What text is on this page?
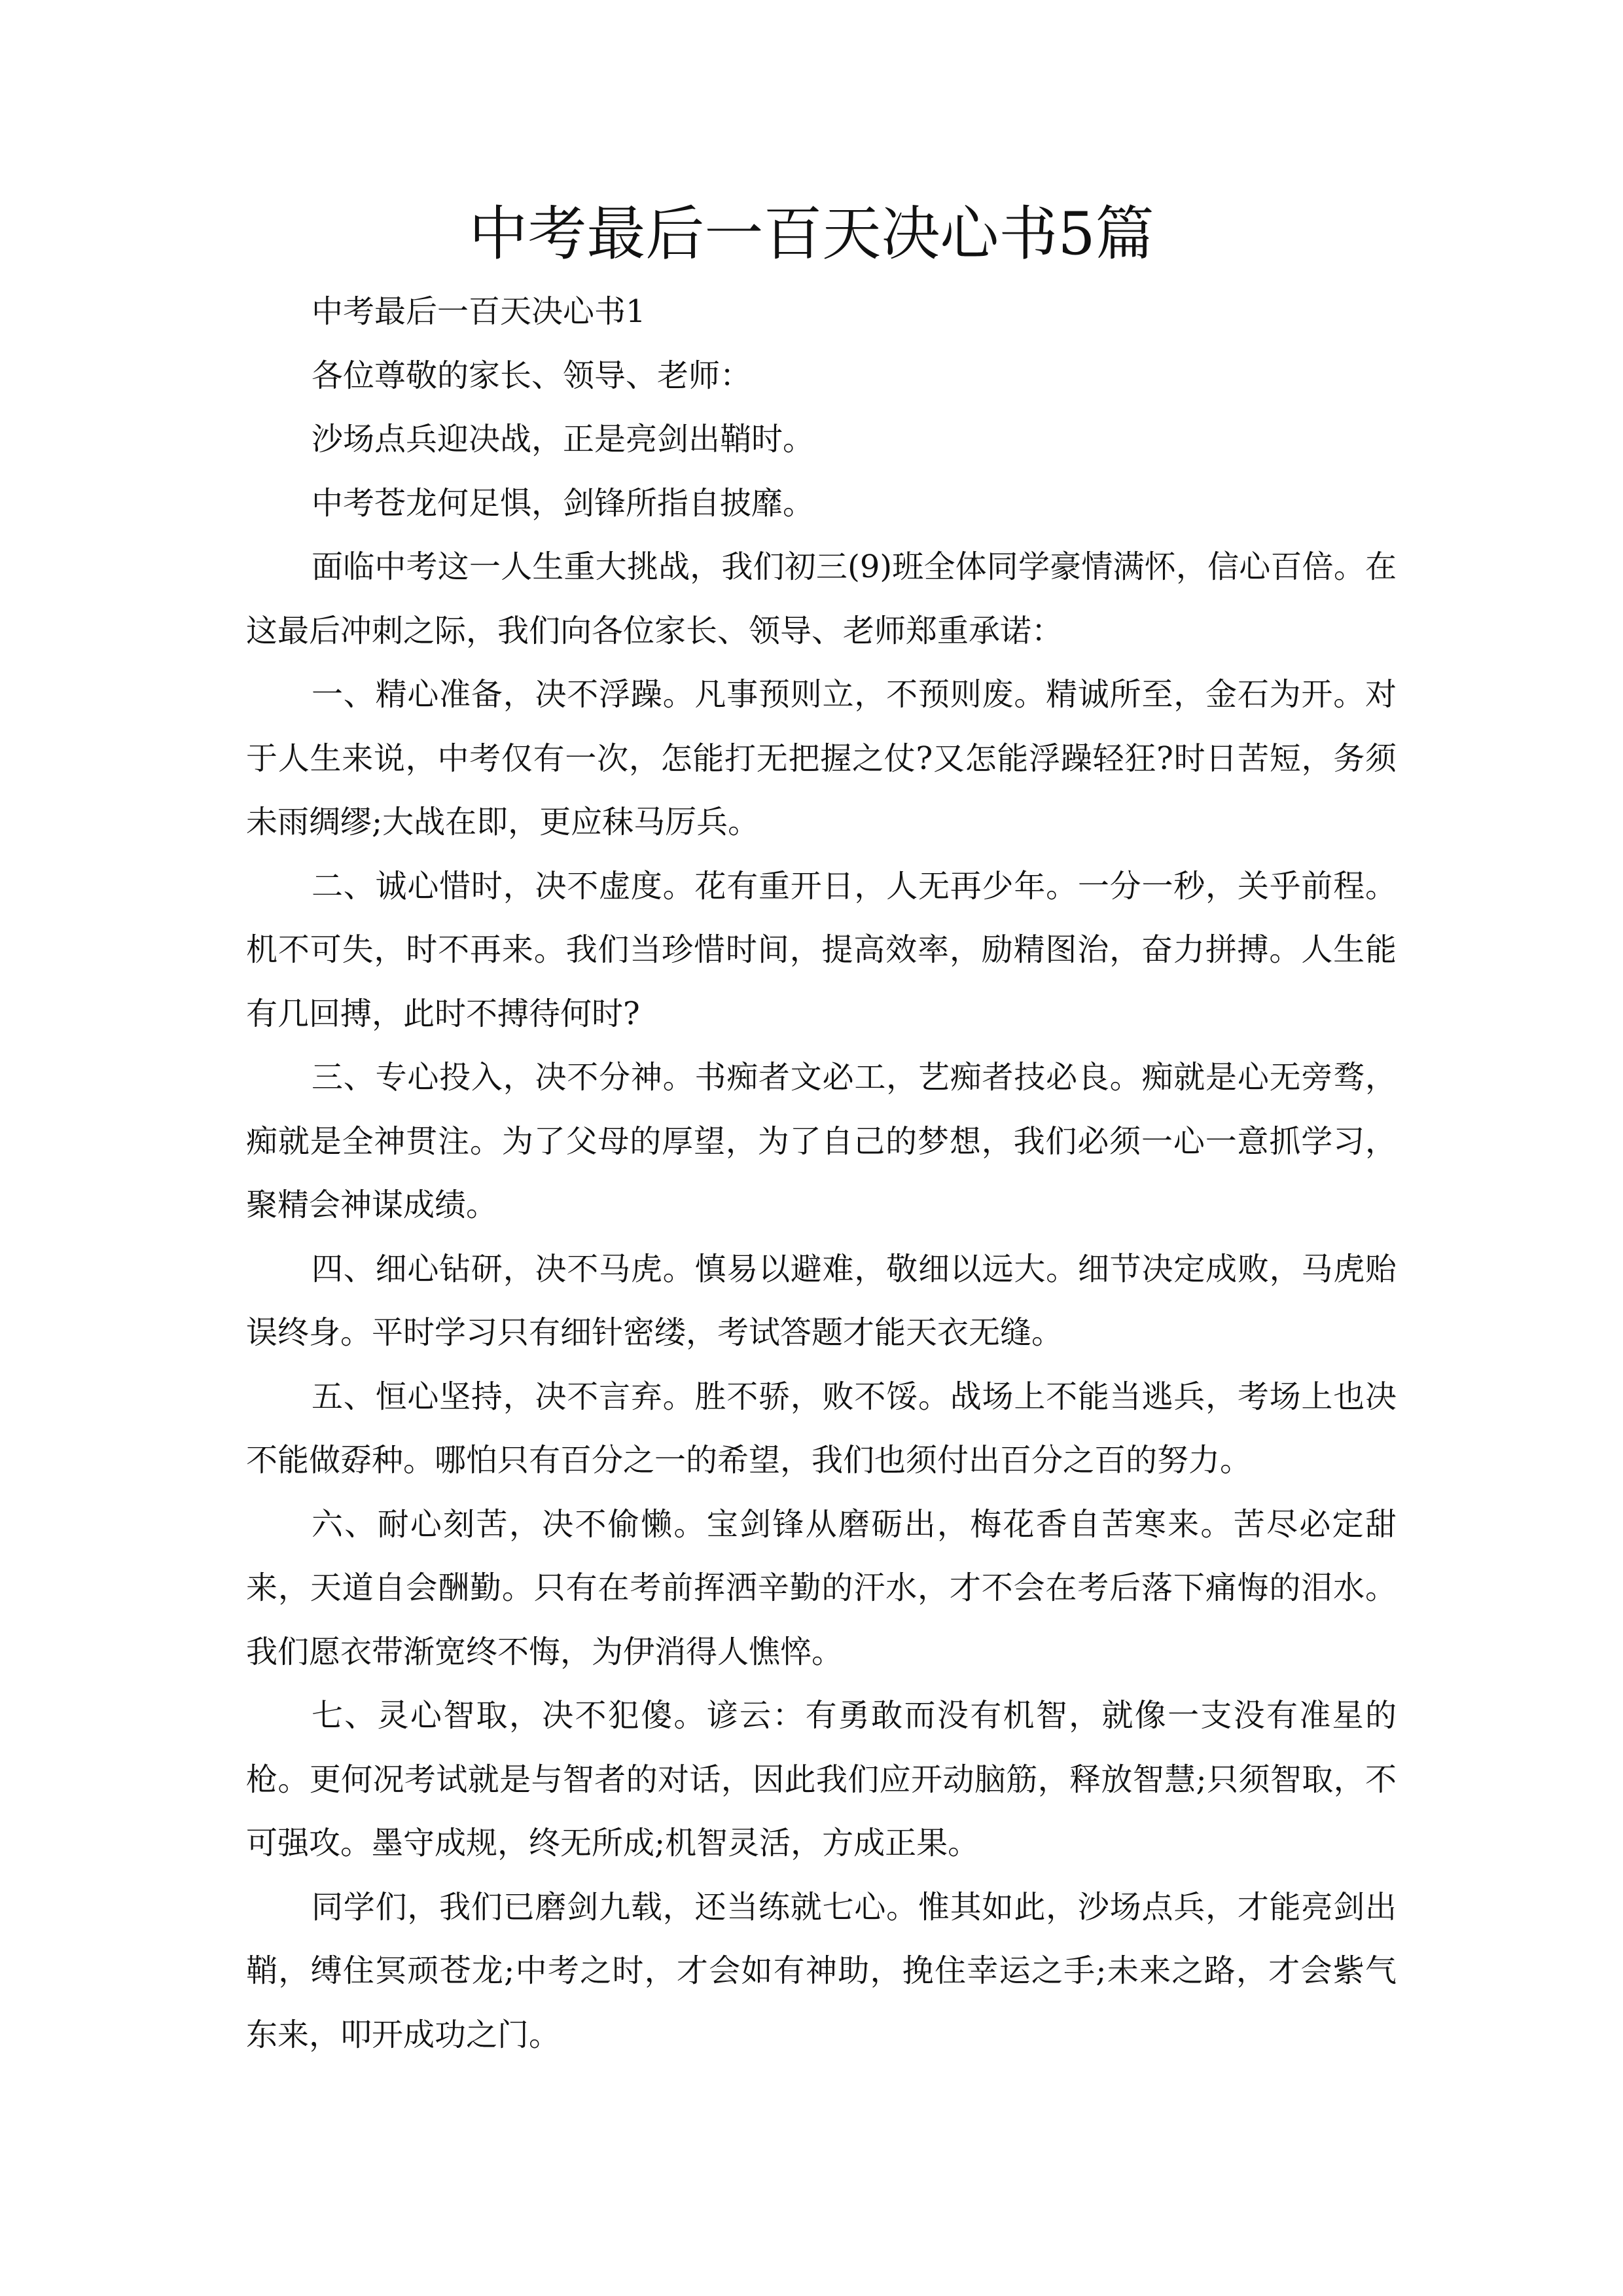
中考最后一百天决心书5篇

中考最后一百天决心书1

各位尊敬的家长、领导、老师：

沙场点兵迎决战，正是亮剑出鞘时。

中考苍龙何足惧，剑锋所指自披靡。

面临中考这一人生重大挑战，我们初三(9)班全体同学豪情满怀，信心百倍。在这最后冲刺之际，我们向各位家长、领导、老师郑重承诺：

一、精心准备，决不浮躁。凡事预则立，不预则废。精诚所至，金石为开。对于人生来说，中考仅有一次，怎能打无把握之仗?又怎能浮躁轻狂?时日苦短，务须未雨绸缪;大战在即，更应秣马厉兵。

二、诚心惜时，决不虚度。花有重开日，人无再少年。一分一秒，关乎前程。机不可失，时不再来。我们当珍惜时间，提高效率，励精图治，奋力拼搏。人生能有几回搏，此时不搏待何时?

三、专心投入，决不分神。书痴者文必工，艺痴者技必良。痴就是心无旁骛，痴就是全神贯注。为了父母的厚望，为了自己的梦想，我们必须一心一意抓学习，聚精会神谋成绩。

四、细心钻研，决不马虎。慎易以避难，敬细以远大。细节决定成败，马虎贻误终身。平时学习只有细针密缕，考试答题才能天衣无缝。

五、恒心坚持，决不言弃。胜不骄，败不馁。战场上不能当逃兵，考场上也决不能做孬种。哪怕只有百分之一的希望，我们也须付出百分之百的努力。

六、耐心刻苦，决不偷懒。宝剑锋从磨砺出，梅花香自苦寒来。苦尽必定甜来，天道自会酬勤。只有在考前挥洒辛勤的汗水，才不会在考后落下痛悔的泪水。我们愿衣带渐宽终不悔，为伊消得人憔悴。

七、灵心智取，决不犯傻。谚云：有勇敢而没有机智，就像一支没有准星的枪。更何况考试就是与智者的对话，因此我们应开动脑筋，释放智慧;只须智取，不可强攻。墨守成规，终无所成;机智灵活，方成正果。

同学们，我们已磨剑九载，还当练就七心。惟其如此，沙场点兵，才能亮剑出鞘，缚住冥顽苍龙;中考之时，才会如有神助，挽住幸运之手;未来之路，才会紫气东来，叩开成功之门。
